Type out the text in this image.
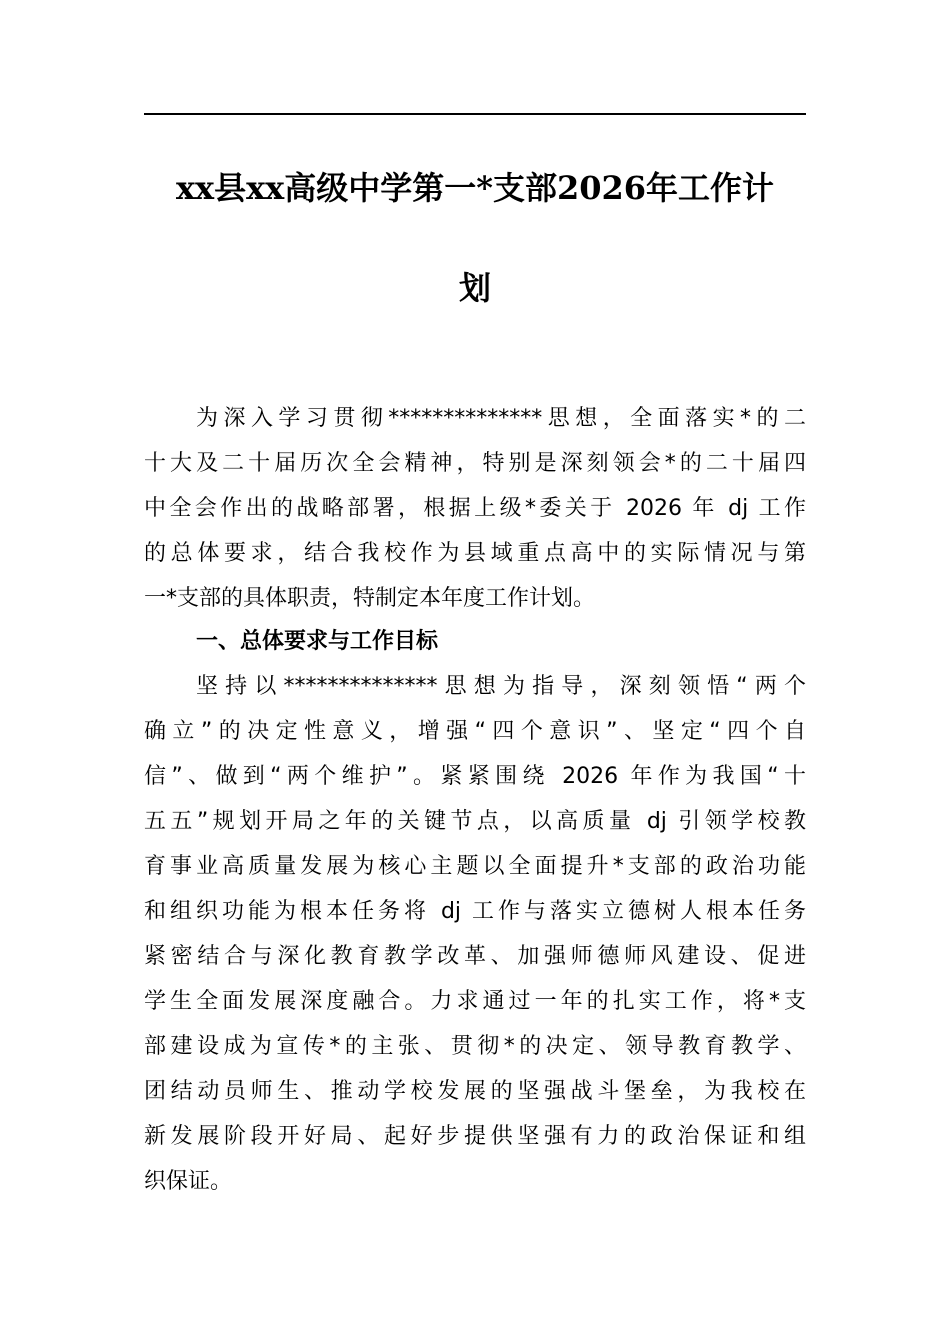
xx县xx高级中学第一*支部2026年工作计
划
为深入学习贯彻**************思想，全面落实*的二
十大及二十届历次全会精神，特别是深刻领会*的二十届四
中全会作出的战略部署，根据上级*委关于 2026 年 dj 工作
的总体要求，结合我校作为县域重点高中的实际情况与第
一*支部的具体职责，特制定本年度工作计划。
一、总体要求与工作目标
坚持以**************思想为指导，深刻领悟“两个
确立”的决定性意义，增强“四个意识”、坚定“四个自
信”、做到“两个维护”。紧紧围绕 2026 年作为我国“十
五五”规划开局之年的关键节点，以高质量 dj 引领学校教
育事业高质量发展为核心主题以全面提升*支部的政治功能
和组织功能为根本任务将 dj 工作与落实立德树人根本任务
紧密结合与深化教育教学改革、加强师德师风建设、促进
学生全面发展深度融合。力求通过一年的扎实工作，将*支
部建设成为宣传*的主张、贯彻*的决定、领导教育教学、
团结动员师生、推动学校发展的坚强战斗堡垒，为我校在
新发展阶段开好局、起好步提供坚强有力的政治保证和组
织保证。
